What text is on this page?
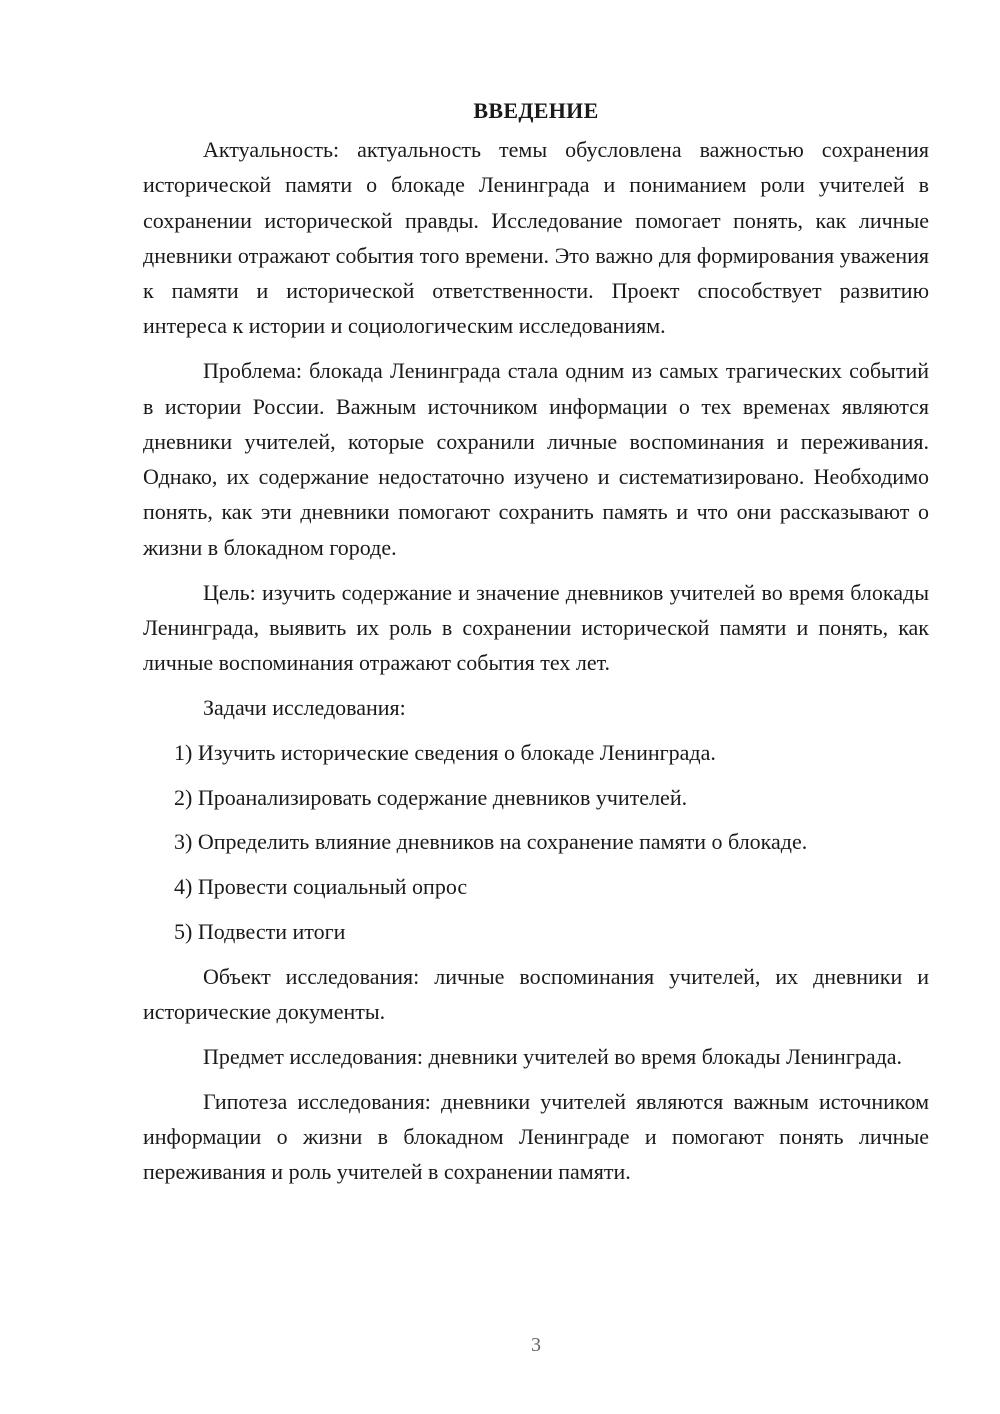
ВВЕДЕНИЕ

Актуальность: актуальность темы обусловлена важностью сохранения исторической памяти о блокаде Ленинграда и пониманием роли учителей в сохранении исторической правды. Исследование помогает понять, как личные дневники отражают события того времени. Это важно для формирования уважения к памяти и исторической ответственности. Проект способствует развитию интереса к истории и социологическим исследованиям.

Проблема: блокада Ленинграда стала одним из самых трагических событий в истории России. Важным источником информации о тех временах являются дневники учителей, которые сохранили личные воспоминания и переживания. Однако, их содержание недостаточно изучено и систематизировано. Необходимо понять, как эти дневники помогают сохранить память и что они рассказывают о жизни в блокадном городе.

Цель: изучить содержание и значение дневников учителей во время блокады Ленинграда, выявить их роль в сохранении исторической памяти и понять, как личные воспоминания отражают события тех лет.

Задачи исследования:

1) Изучить исторические сведения о блокаде Ленинграда.
2) Проанализировать содержание дневников учителей.
3) Определить влияние дневников на сохранение памяти о блокаде.
4) Провести социальный опрос
5) Подвести итоги

Объект исследования: личные воспоминания учителей, их дневники и исторические документы.

Предмет исследования: дневники учителей во время блокады Ленинграда.

Гипотеза исследования: дневники учителей являются важным источником информации о жизни в блокадном Ленинграде и помогают понять личные переживания и роль учителей в сохранении памяти.

3
